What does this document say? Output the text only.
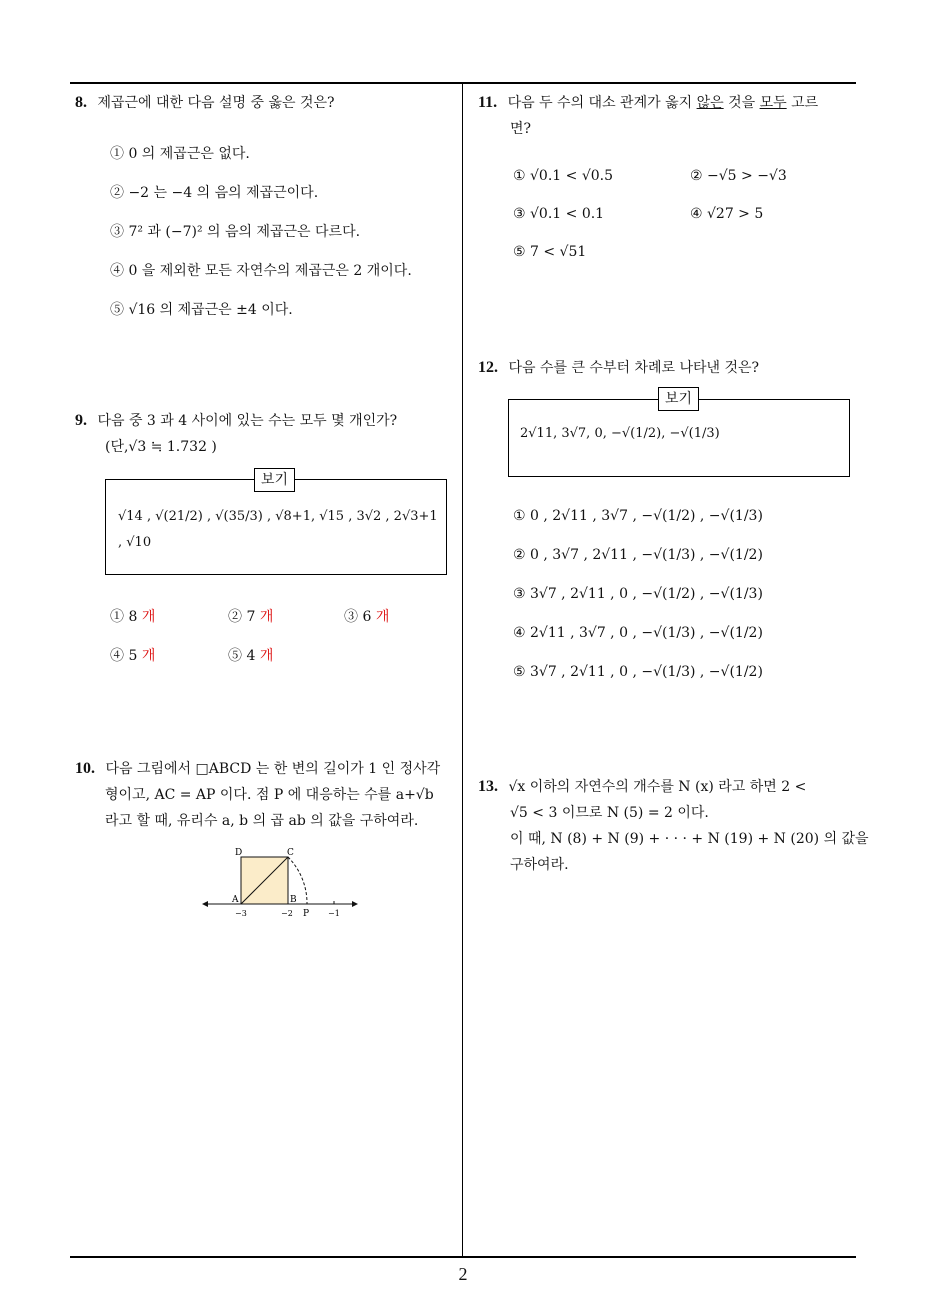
8. 제곱근에 대한 다음 설명 중 옳은 것은?
① 0 의 제곱근은 없다.
② −2 는 −4 의 음의 제곱근이다.
③ 7² 과 (−7)² 의 음의 제곱근은 다르다.
④ 0 을 제외한 모든 자연수의 제곱근은 2 개이다.
⑤ √16 의 제곱근은 ±4 이다.
9. 다음 중 3 과 4 사이에 있는 수는 모두 몇 개인가?
(단,√3 ≒ 1.732 )
보기
√14 , √(21/2) , √(35/3) , √8+1, √15 , 3√2 , 2√3+1
, √10
① 8 개	② 7 개	③ 6 개
④ 5 개	⑤ 4 개
10. 다음 그림에서 □ABCD 는 한 변의 길이가 1 인 정사각
형이고, AC = AP 이다. 점 P 에 대응하는 수를 a+√b
라고 할 때, 유리수 a, b 의 곱 ab 의 값을 구하여라.
D	C
A	B
P
−3	−2	−1
11. 다음 두 수의 대소 관계가 옳지 않은 것을 모두 고르
면?
① √0.1 < √0.5	② −√5 > −√3
③ √0.1 < 0.1	④ √27 > 5
⑤ 7 < √51
12. 다음 수를 큰 수부터 차례로 나타낸 것은?
보기
2√11, 3√7, 0, −√(1/2), −√(1/3)
① 0 , 2√11 , 3√7 , −√(1/2) , −√(1/3)
② 0 , 3√7 , 2√11 , −√(1/3) , −√(1/2)
③ 3√7 , 2√11 , 0 , −√(1/2) , −√(1/3)
④ 2√11 , 3√7 , 0 , −√(1/3) , −√(1/2)
⑤ 3√7 , 2√11 , 0 , −√(1/3) , −√(1/2)
13. √x 이하의 자연수의 개수를 N (x) 라고 하면 2 <
√5 < 3 이므로 N (5) = 2 이다.
이 때, N (8) + N (9) + · · · + N (19) + N (20) 의 값을
구하여라.
2
